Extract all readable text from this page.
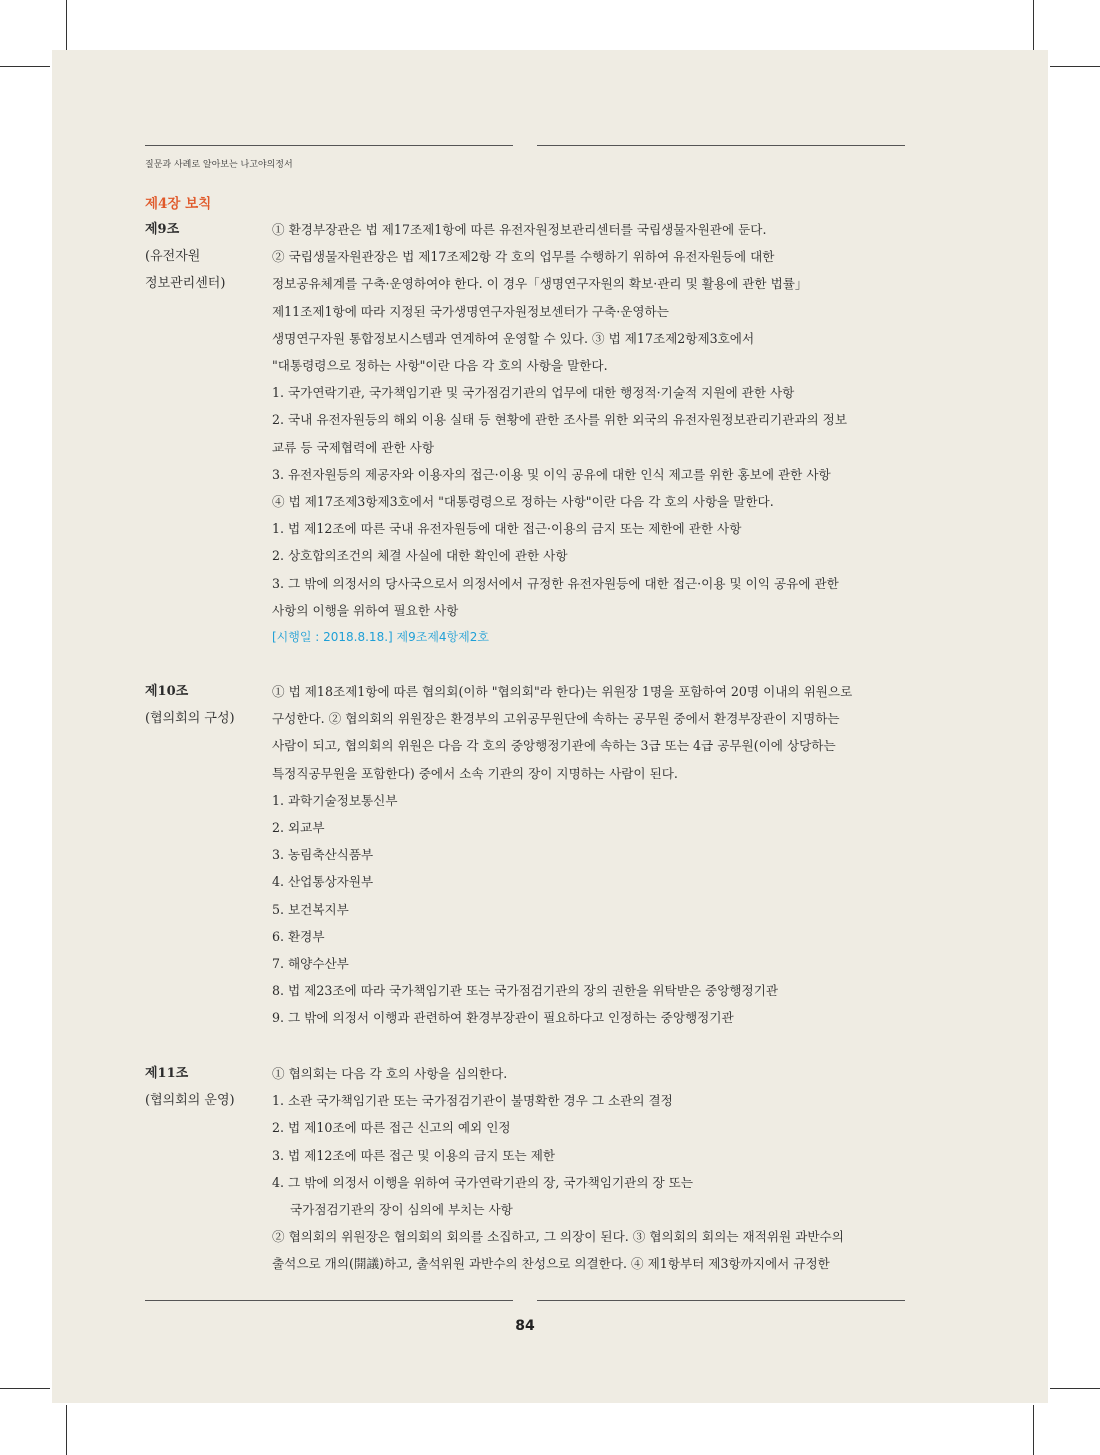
질문과 사례로 알아보는 나고야의정서
제4장 보칙
제9조
(유전자원
정보관리센터)
① 환경부장관은 법 제17조제1항에 따른 유전자원정보관리센터를 국립생물자원관에 둔다.
② 국립생물자원관장은 법 제17조제2항 각 호의 업무를 수행하기 위하여 유전자원등에 대한
정보공유체계를 구축·운영하여야 한다. 이 경우「생명연구자원의 확보·관리 및 활용에 관한 법률」
제11조제1항에 따라 지정된 국가생명연구자원정보센터가 구축·운영하는
생명연구자원 통합정보시스템과 연계하여 운영할 수 있다. ③ 법 제17조제2항제3호에서
"대통령령으로 정하는 사항"이란 다음 각 호의 사항을 말한다.
1. 국가연락기관, 국가책임기관 및 국가점검기관의 업무에 대한 행정적·기술적 지원에 관한 사항
2. 국내 유전자원등의 해외 이용 실태 등 현황에 관한 조사를 위한 외국의 유전자원정보관리기관과의 정보
교류 등 국제협력에 관한 사항
3. 유전자원등의 제공자와 이용자의 접근·이용 및 이익 공유에 대한 인식 제고를 위한 홍보에 관한 사항
④ 법 제17조제3항제3호에서 "대통령령으로 정하는 사항"이란 다음 각 호의 사항을 말한다.
1. 법 제12조에 따른 국내 유전자원등에 대한 접근·이용의 금지 또는 제한에 관한 사항
2. 상호합의조건의 체결 사실에 대한 확인에 관한 사항
3. 그 밖에 의정서의 당사국으로서 의정서에서 규정한 유전자원등에 대한 접근·이용 및 이익 공유에 관한
사항의 이행을 위하여 필요한 사항
[시행일 : 2018.8.18.] 제9조제4항제2호
제10조
(협의회의 구성)
① 법 제18조제1항에 따른 협의회(이하 "협의회"라 한다)는 위원장 1명을 포함하여 20명 이내의 위원으로
구성한다. ② 협의회의 위원장은 환경부의 고위공무원단에 속하는 공무원 중에서 환경부장관이 지명하는
사람이 되고, 협의회의 위원은 다음 각 호의 중앙행정기관에 속하는 3급 또는 4급 공무원(이에 상당하는
특정직공무원을 포함한다) 중에서 소속 기관의 장이 지명하는 사람이 된다.
1. 과학기술정보통신부
2. 외교부
3. 농림축산식품부
4. 산업통상자원부
5. 보건복지부
6. 환경부
7. 해양수산부
8. 법 제23조에 따라 국가책임기관 또는 국가점검기관의 장의 권한을 위탁받은 중앙행정기관
9. 그 밖에 의정서 이행과 관련하여 환경부장관이 필요하다고 인정하는 중앙행정기관
제11조
(협의회의 운영)
① 협의회는 다음 각 호의 사항을 심의한다.
1. 소관 국가책임기관 또는 국가점검기관이 불명확한 경우 그 소관의 결정
2. 법 제10조에 따른 접근 신고의 예외 인정
3. 법 제12조에 따른 접근 및 이용의 금지 또는 제한
4. 그 밖에 의정서 이행을 위하여 국가연락기관의 장, 국가책임기관의 장 또는
국가점검기관의 장이 심의에 부치는 사항
② 협의회의 위원장은 협의회의 회의를 소집하고, 그 의장이 된다. ③ 협의회의 회의는 재적위원 과반수의
출석으로 개의(開議)하고, 출석위원 과반수의 찬성으로 의결한다. ④ 제1항부터 제3항까지에서 규정한
84
